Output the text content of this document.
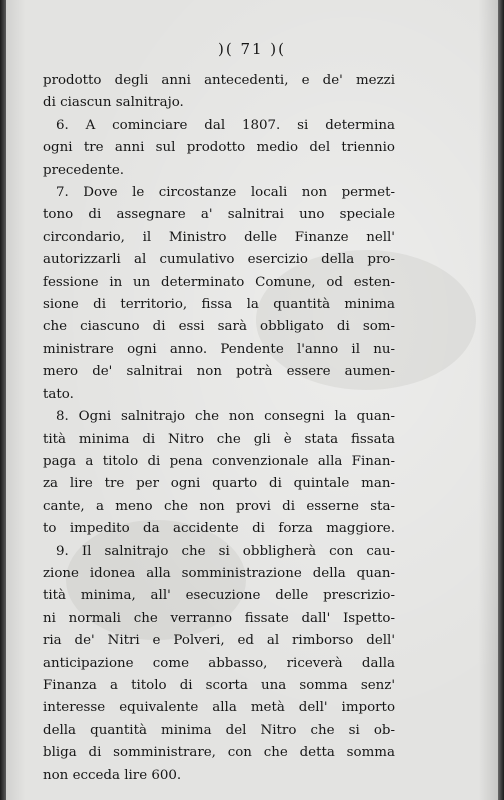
)( 71 )(
prodotto degli anni antecedenti, e de' mezzi
di ciascun salnitrajo.
6. A cominciare dal 1807. si determina
ogni tre anni sul prodotto medio del triennio
precedente.
7. Dove le circostanze locali non permet-
tono di assegnare a' salnitrai uno speciale
circondario, il Ministro delle Finanze nell'
autorizzarli al cumulativo esercizio della pro-
fessione in un determinato Comune, od esten-
sione di territorio, fissa la quantità minima
che ciascuno di essi sarà obbligato di som-
ministrare ogni anno. Pendente l'anno il nu-
mero de' salnitrai non potrà essere aumen-
tato.
8. Ogni salnitrajo che non consegni la quan-
tità minima di Nitro che gli è stata fissata
paga a titolo di pena convenzionale alla Finan-
za lire tre per ogni quarto di quintale man-
cante, a meno che non provi di esserne sta-
to impedito da accidente di forza maggiore.
9. Il salnitrajo che si obbligherà con cau-
zione idonea alla somministrazione della quan-
tità minima, all' esecuzione delle prescrizio-
ni normali che verranno fissate dall' Ispetto-
ria de' Nitri e Polveri, ed al rimborso dell'
anticipazione come abbasso, riceverà dalla
Finanza a titolo di scorta una somma senz'
interesse equivalente alla metà dell' importo
della quantità minima del Nitro che si ob-
bliga di somministrare, con che detta somma
non ecceda lire 600.
